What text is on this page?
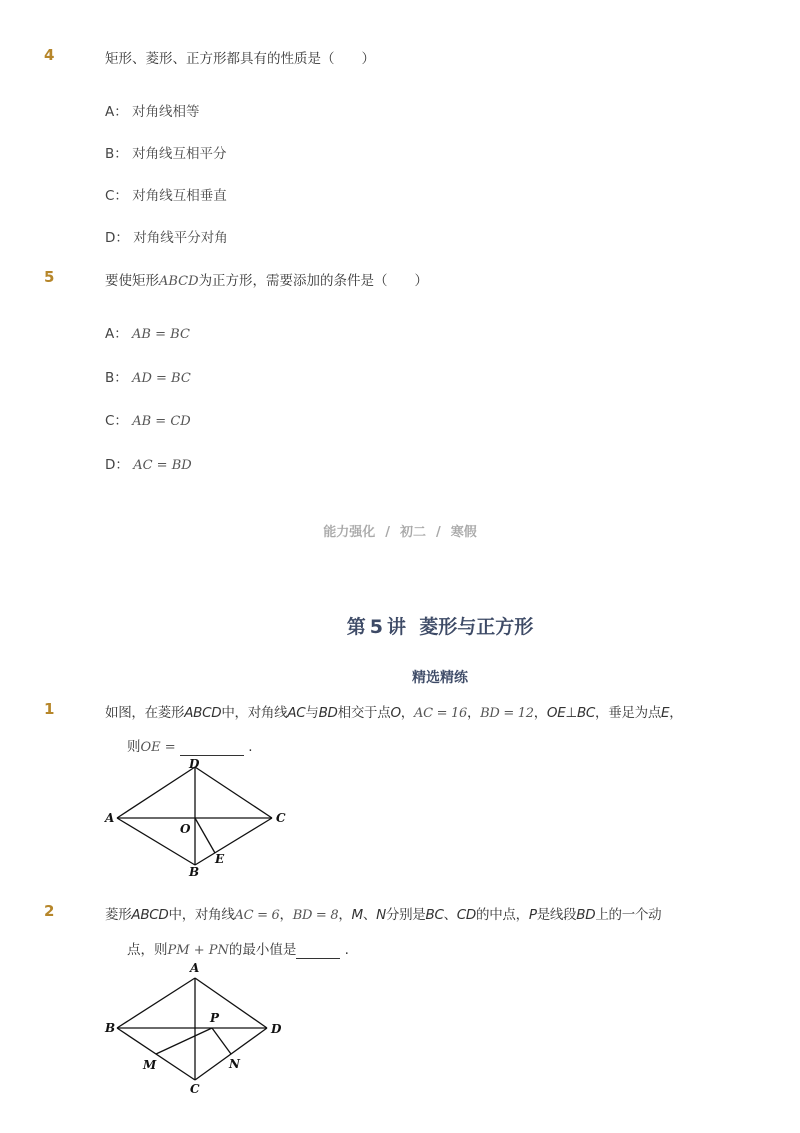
4	矩形、菱形、正方形都具有的性质是（　　）
A： 对角线相等
B： 对角线互相平分
C： 对角线互相垂直
D： 对角线平分对角
5	要使矩形ABCD为正方形，需要添加的条件是（　　）
A： AB = BC
B： AD = BC
C： AB = CD
D： AC = BD
能力强化 / 初二 / 寒假
第 5 讲 菱形与正方形
精选精练
1	如图，在菱形ABCD中，对角线AC与BD相交于点O，AC = 16，BD = 12，OE⊥BC，垂足为点E，
则OE =	.
A
D
C
B
O
E
2	菱形ABCD中，对角线AC = 6，BD = 8，M、N分别是BC、CD的中点，P是线段BD上的一个动
点，则PM + PN的最小值是	.
B
A
D
C
P
M	N
